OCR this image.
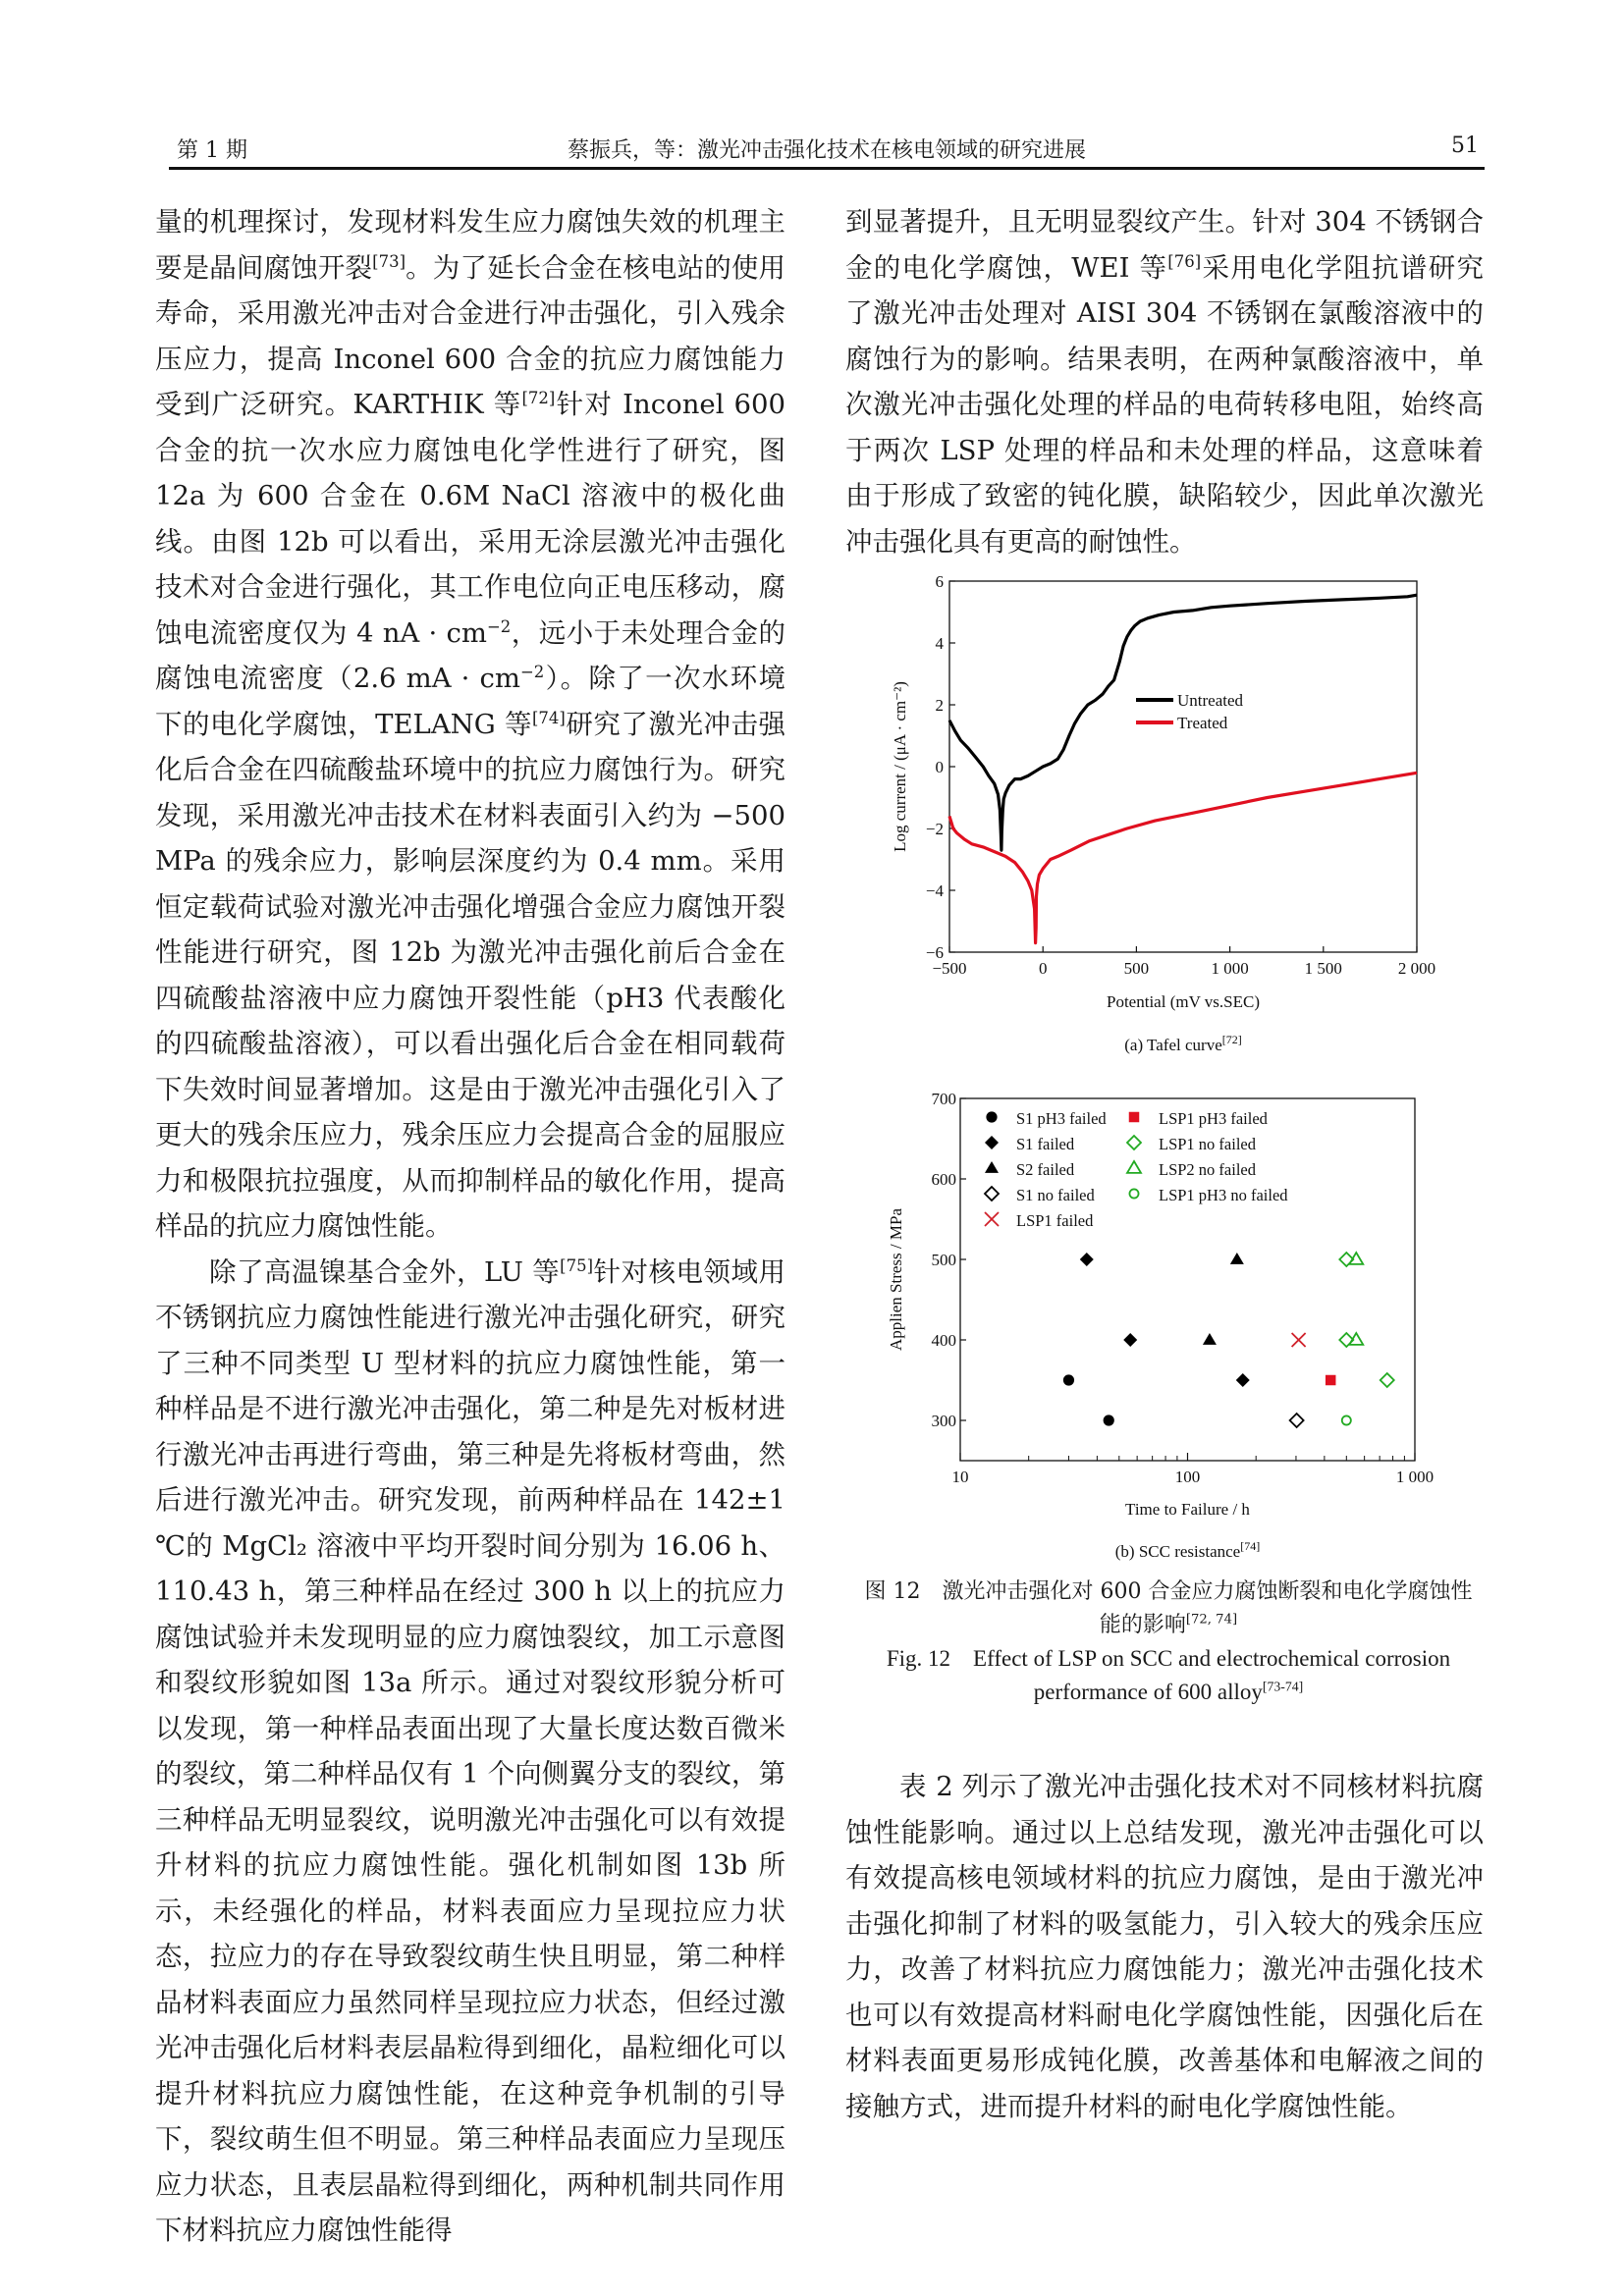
第 1 期	蔡振兵，等：激光冲击强化技术在核电领域的研究进展	51

量的机理探讨，发现材料发生应力腐蚀失效的机理主要是晶间腐蚀开裂[73]。为了延长合金在核电站的使用寿命，采用激光冲击对合金进行冲击强化，引入残余压应力，提高 Inconel 600 合金的抗应力腐蚀能力受到广泛研究。KARTHIK 等[72]针对 Inconel 600 合金的抗一次水应力腐蚀电化学性进行了研究，图 12a 为 600 合金在 0.6M NaCl 溶液中的极化曲线。由图 12b 可以看出，采用无涂层激光冲击强化技术对合金进行强化，其工作电位向正电压移动，腐蚀电流密度仅为 4 nA · $cm^{-2}$，远小于未处理合金的腐蚀电流密度（2.6 mA · $cm^{-2}$）。除了一次水环境下的电化学腐蚀，TELANG 等[74]研究了激光冲击强化后合金在四硫酸盐环境中的抗应力腐蚀行为。研究发现，采用激光冲击技术在材料表面引入约为 −500 MPa 的残余应力，影响层深度约为 0.4 mm。采用恒定载荷试验对激光冲击强化增强合金应力腐蚀开裂性能进行研究，图 12b 为激光冲击强化前后合金在四硫酸盐溶液中应力腐蚀开裂性能（pH3 代表酸化的四硫酸盐溶液），可以看出强化后合金在相同载荷下失效时间显著增加。这是由于激光冲击强化引入了更大的残余压应力，残余压应力会提高合金的屈服应力和极限抗拉强度，从而抑制样品的敏化作用，提高样品的抗应力腐蚀性能。

除了高温镍基合金外，LU 等[75]针对核电领域用不锈钢抗应力腐蚀性能进行激光冲击强化研究，研究了三种不同类型 U 型材料的抗应力腐蚀性能，第一种样品是不进行激光冲击强化，第二种是先对板材进行激光冲击再进行弯曲，第三种是先将板材弯曲，然后进行激光冲击。研究发现，前两种样品在 142±1 ℃的 MgCl₂ 溶液中平均开裂时间分别为 16.06 h、110.43 h，第三种样品在经过 300 h 以上的抗应力腐蚀试验并未发现明显的应力腐蚀裂纹，加工示意图和裂纹形貌如图 13a 所示。通过对裂纹形貌分析可以发现，第一种样品表面出现了大量长度达数百微米的裂纹，第二种样品仅有 1 个向侧翼分支的裂纹，第三种样品无明显裂纹，说明激光冲击强化可以有效提升材料的抗应力腐蚀性能。强化机制如图 13b 所示，未经强化的样品，材料表面应力呈现拉应力状态，拉应力的存在导致裂纹萌生快且明显，第二种样品材料表面应力虽然同样呈现拉应力状态，但经过激光冲击强化后材料表层晶粒得到细化，晶粒细化可以提升材料抗应力腐蚀性能，在这种竞争机制的引导下，裂纹萌生但不明显。第三种样品表面应力呈现压应力状态，且表层晶粒得到细化，两种机制共同作用下材料抗应力腐蚀性能得

到显著提升，且无明显裂纹产生。针对 304 不锈钢合金的电化学腐蚀，WEI 等[76]采用电化学阻抗谱研究了激光冲击处理对 AISI 304 不锈钢在氯酸溶液中的腐蚀行为的影响。结果表明，在两种氯酸溶液中，单次激光冲击强化处理的样品的电荷转移电阻，始终高于两次 LSP 处理的样品和未处理的样品，这意味着由于形成了致密的钝化膜，缺陷较少，因此单次激光冲击强化具有更高的耐蚀性。

−500	0	500	1 000	1 500	2 000
−6
−4
−2
0
2
4
6
Untreated
Treated
Potential (mV vs.SEC)
Log current / (μA · cm⁻²)
(a) Tafel curve[72]
10	100	1 000
300
400
500
600
700
S1 pH3 failed
S1 failed
S2 failed
S1 no failed
LSP1 failed
LSP1 pH3 failed
LSP1 no failed
LSP2 no failed
LSP1 pH3 no failed
Time to Failure / h
Applien Stress / MPa
(b) SCC resistance[74]
图 12　激光冲击强化对 600 合金应力腐蚀断裂和电化学腐蚀性能的影响[72, 74]
Fig. 12　Effect of LSP on SCC and electrochemical corrosion performance of 600 alloy[73-74]

表 2 列示了激光冲击强化技术对不同核材料抗腐蚀性能影响。通过以上总结发现，激光冲击强化可以有效提高核电领域材料的抗应力腐蚀，是由于激光冲击强化抑制了材料的吸氢能力，引入较大的残余压应力，改善了材料抗应力腐蚀能力；激光冲击强化技术也可以有效提高材料耐电化学腐蚀性能，因强化后在材料表面更易形成钝化膜，改善基体和电解液之间的接触方式，进而提升材料的耐电化学腐蚀性能。
